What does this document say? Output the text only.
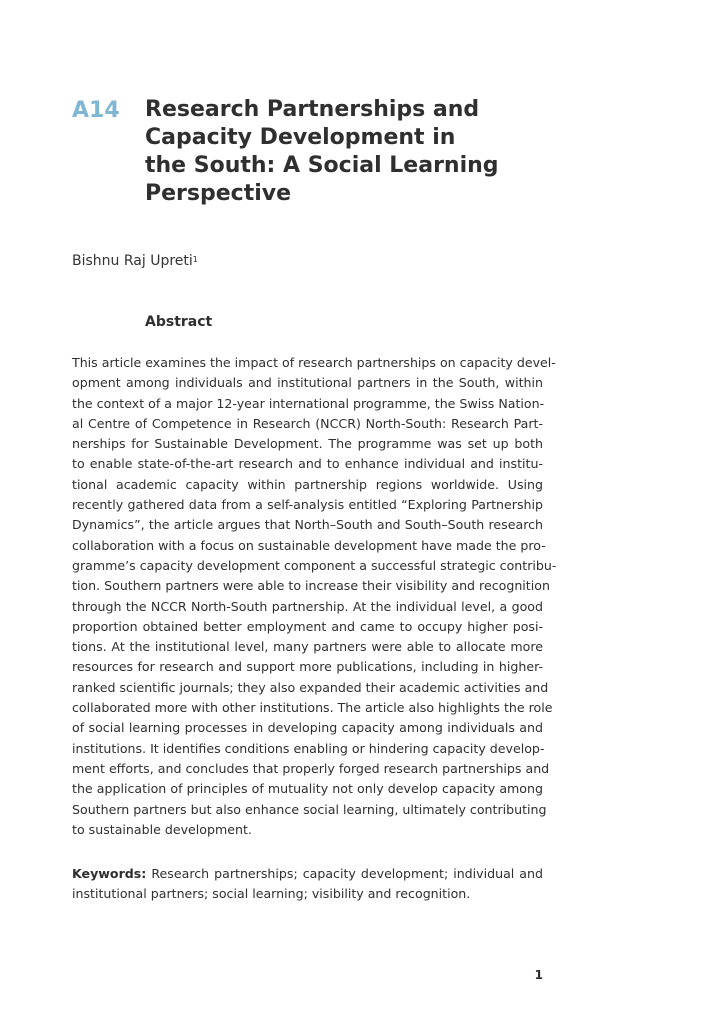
A14 Research Partnerships and
Capacity Development in
the South: A Social Learning
Perspective

Bishnu Raj Upreti$^1$

Abstract
This article examines the impact of research partnerships on capacity devel-
opment among individuals and institutional partners in the South, within
the context of a major 12-year international programme, the Swiss Nation-
al Centre of Competence in Research (NCCR) North-South: Research Part-
nerships for Sustainable Development. The programme was set up both
to enable state-of-the-art research and to enhance individual and institu-
tional academic capacity within partnership regions worldwide. Using
recently gathered data from a self-analysis entitled “Exploring Partnership
Dynamics”, the article argues that North–South and South–South research
collaboration with a focus on sustainable development have made the pro-
gramme’s capacity development component a successful strategic contribu-
tion. Southern partners were able to increase their visibility and recognition
through the NCCR North-South partnership. At the individual level, a good
proportion obtained better employment and came to occupy higher posi-
tions. At the institutional level, many partners were able to allocate more
resources for research and support more publications, including in higher-
ranked scientific journals; they also expanded their academic activities and
collaborated more with other institutions. The article also highlights the role
of social learning processes in developing capacity among individuals and
institutions. It identifies conditions enabling or hindering capacity develop-
ment efforts, and concludes that properly forged research partnerships and
the application of principles of mutuality not only develop capacity among
Southern partners but also enhance social learning, ultimately contributing
to sustainable development.
Keywords: Research partnerships; capacity development; individual and
institutional partners; social learning; visibility and recognition.
1
